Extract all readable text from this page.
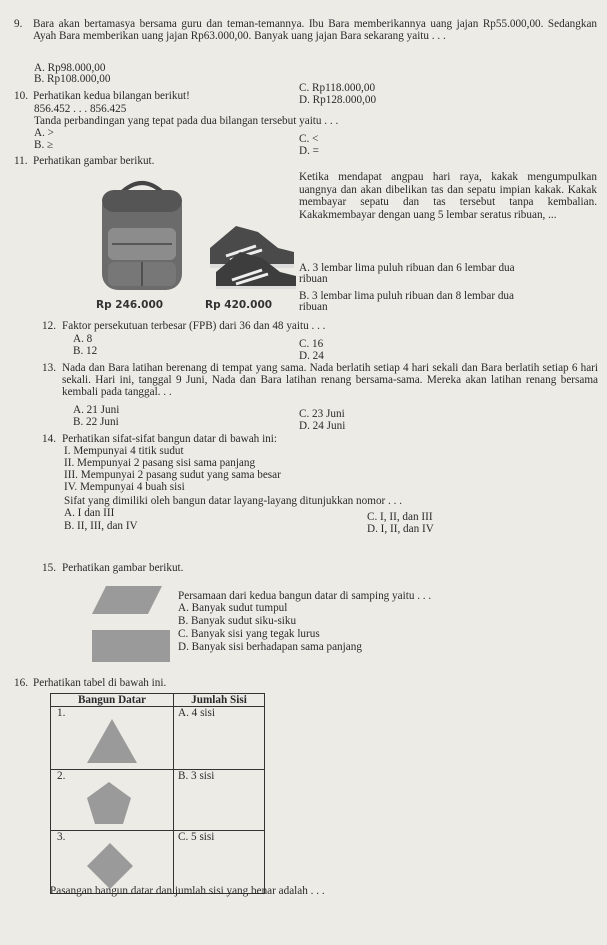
9. Bara akan bertamasya bersama guru dan teman-temannya. Ibu Bara memberikannya uang jajan Rp55.000,00. Sedangkan Ayah Bara memberikan uang jajan Rp63.000,00. Banyak uang jajan Bara sekarang yaitu . . .
A. Rp98.000,00
B. Rp108.000,00
C. Rp118.000,00
D. Rp128.000,00
10. Perhatikan kedua bilangan berikut!
856.452 . . . 856.425
Tanda perbandingan yang tepat pada dua bilangan tersebut yaitu . . .
A. >
B. ≥	C. <
D. =
11. Perhatikan gambar berikut.
Rp 246.000	Rp 420.000
Ketika mendapat angpau hari raya, kakak mengumpulkan uangnya dan akan dibelikan tas dan sepatu impian kakak. Kakak membayar sepatu dan tas tersebut tanpa kembalian. Kakakmembayar dengan uang 5 lembar seratus ribuan, ...
A. 3 lembar lima puluh ribuan dan 6 lembar dua
ribuan
B. 3 lembar lima puluh ribuan dan 8 lembar dua
ribuan
12. Faktor persekutuan terbesar (FPB) dari 36 dan 48 yaitu . . .
A. 8
B. 12
C. 16
D. 24
13. Nada dan Bara latihan berenang di tempat yang sama. Nada berlatih setiap 4 hari sekali dan Bara berlatih setiap 6 hari sekali. Hari ini, tanggal 9 Juni, Nada dan Bara latihan renang bersama-sama. Mereka akan latihan renang bersama kembali pada tanggal. . .
A. 21 Juni
B. 22 Juni
C. 23 Juni
D. 24 Juni
14. Perhatikan sifat-sifat bangun datar di bawah ini:
I. Mempunyai 4 titik sudut
II. Mempunyai 2 pasang sisi sama panjang
III. Mempunyai 2 pasang sudut yang sama besar
IV. Mempunyai 4 buah sisi
Sifat yang dimiliki oleh bangun datar layang-layang ditunjukkan nomor . . .
A. I dan III
B. II, III, dan IV
C. I, II, dan III
D. I, II, dan IV
15. Perhatikan gambar berikut.
Persamaan dari kedua bangun datar di samping yaitu . . .
A. Banyak sudut tumpul
B. Banyak sudut siku-siku
C. Banyak sisi yang tegak lurus
D. Banyak sisi berhadapan sama panjang
16. Perhatikan tabel di bawah ini.
Bangun Datar	Jumlah Sisi

1.	A. 4 sisi

2.	B. 3 sisi

3.	C. 5 sisi
Pasangan bangun datar dan jumlah sisi yang benar adalah . . .
